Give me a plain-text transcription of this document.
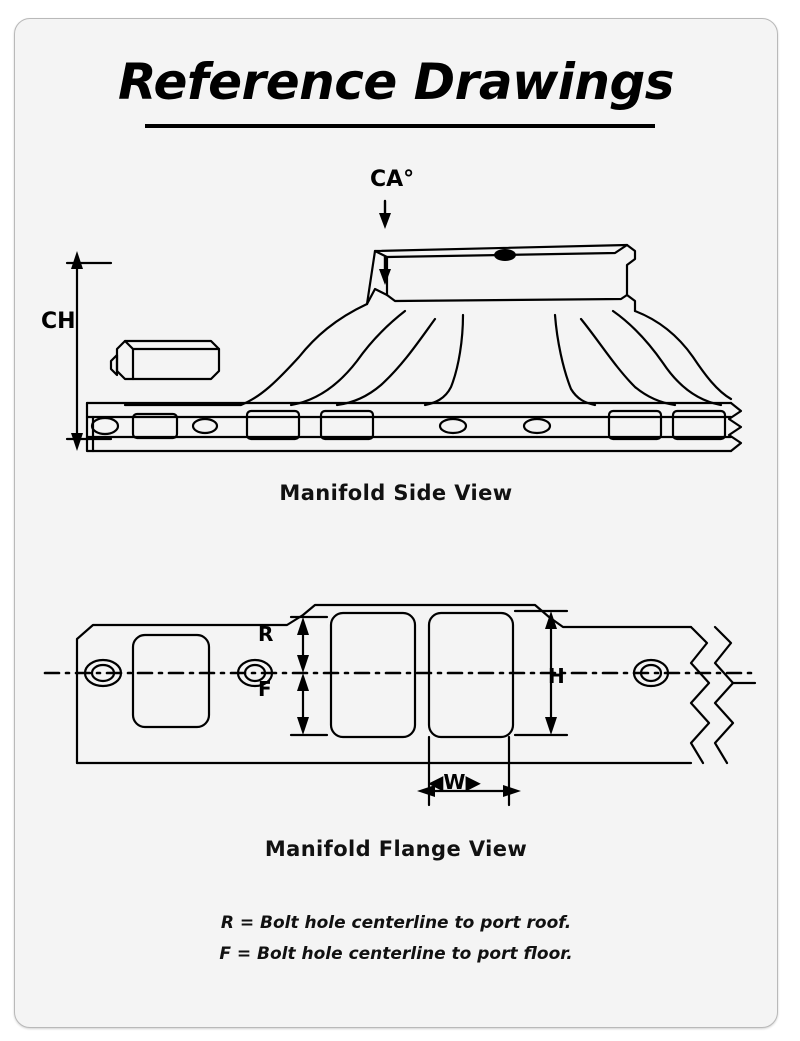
Reference Drawings
CH
CA°
R
F
H
◀W▶
Manifold Side View
Manifold Flange View
R = Bolt hole centerline to port roof.
F = Bolt hole centerline to port floor.
